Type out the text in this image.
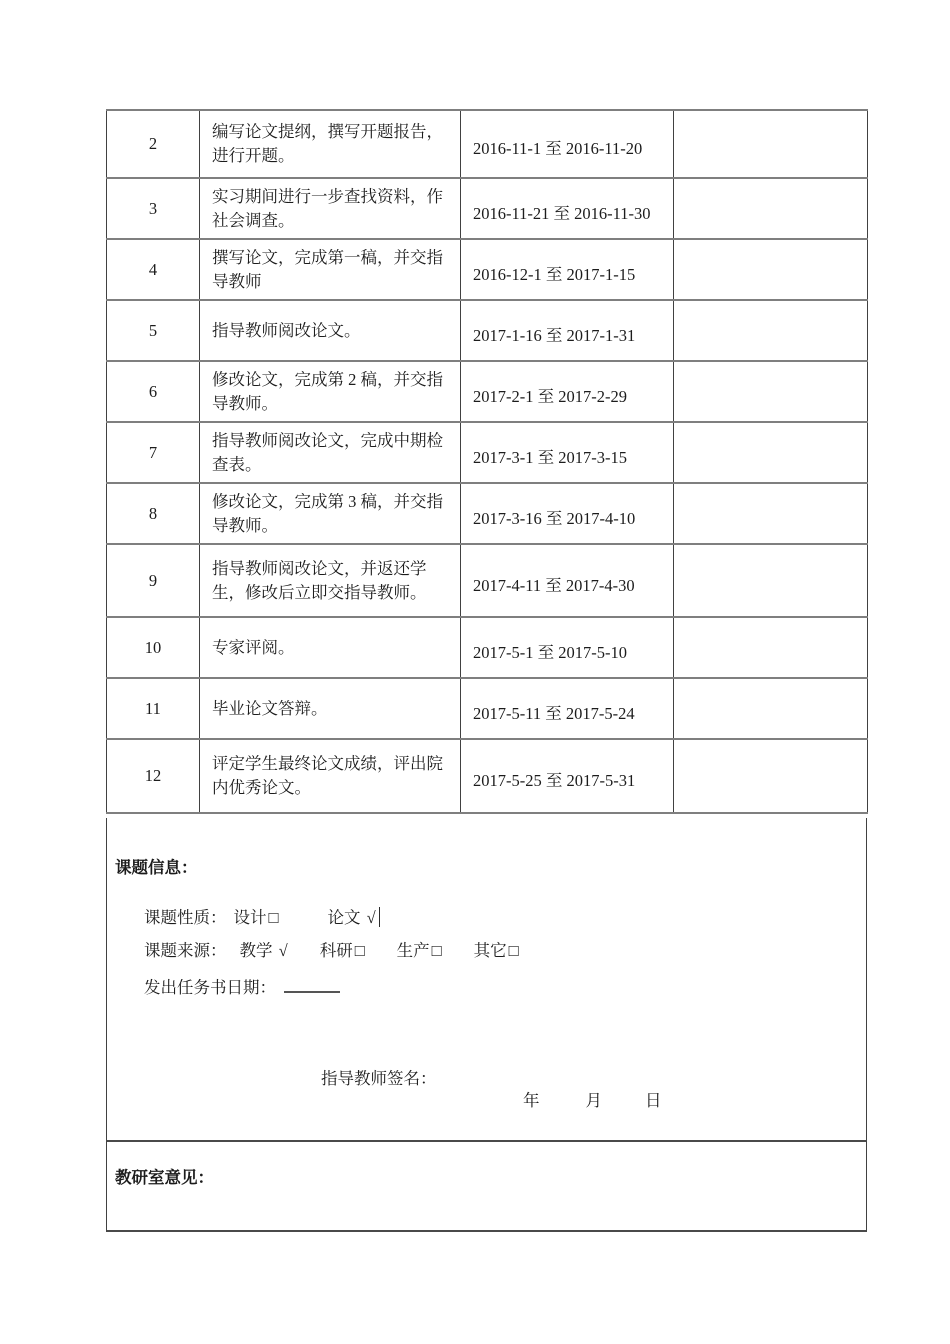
2	编写论文提纲，撰写开题报告，进行开题。	2016-11-1 至 2016-11-20	
3	实习期间进行一步查找资料，作社会调查。	2016-11-21 至 2016-11-30	
4	撰写论文，完成第一稿，并交指导教师	2016-12-1 至 2017-1-15	
5	指导教师阅改论文。	2017-1-16 至 2017-1-31	
6	修改论文，完成第 2 稿，并交指导教师。	2017-2-1 至 2017-2-29	
7	指导教师阅改论文，完成中期检查表。	2017-3-1 至 2017-3-15	
8	修改论文，完成第 3 稿，并交指导教师。	2017-3-16 至 2017-4-10	
9	指导教师阅改论文，并返还学生，修改后立即交指导教师。	2017-4-11 至 2017-4-30	
10	专家评阅。	2017-5-1 至 2017-5-10	
11	毕业论文答辩。	2017-5-11 至 2017-5-24	
12	评定学生最终论文成绩，评出院内优秀论文。	2017-5-25 至 2017-5-31	
课题信息：
课题性质： 设计 □	论文 √
课题来源： 教学 √ 科研 □ 生产 □ 其它 □
发出任务书日期：
指导教师签名：
年	月	日
教研室意见：
